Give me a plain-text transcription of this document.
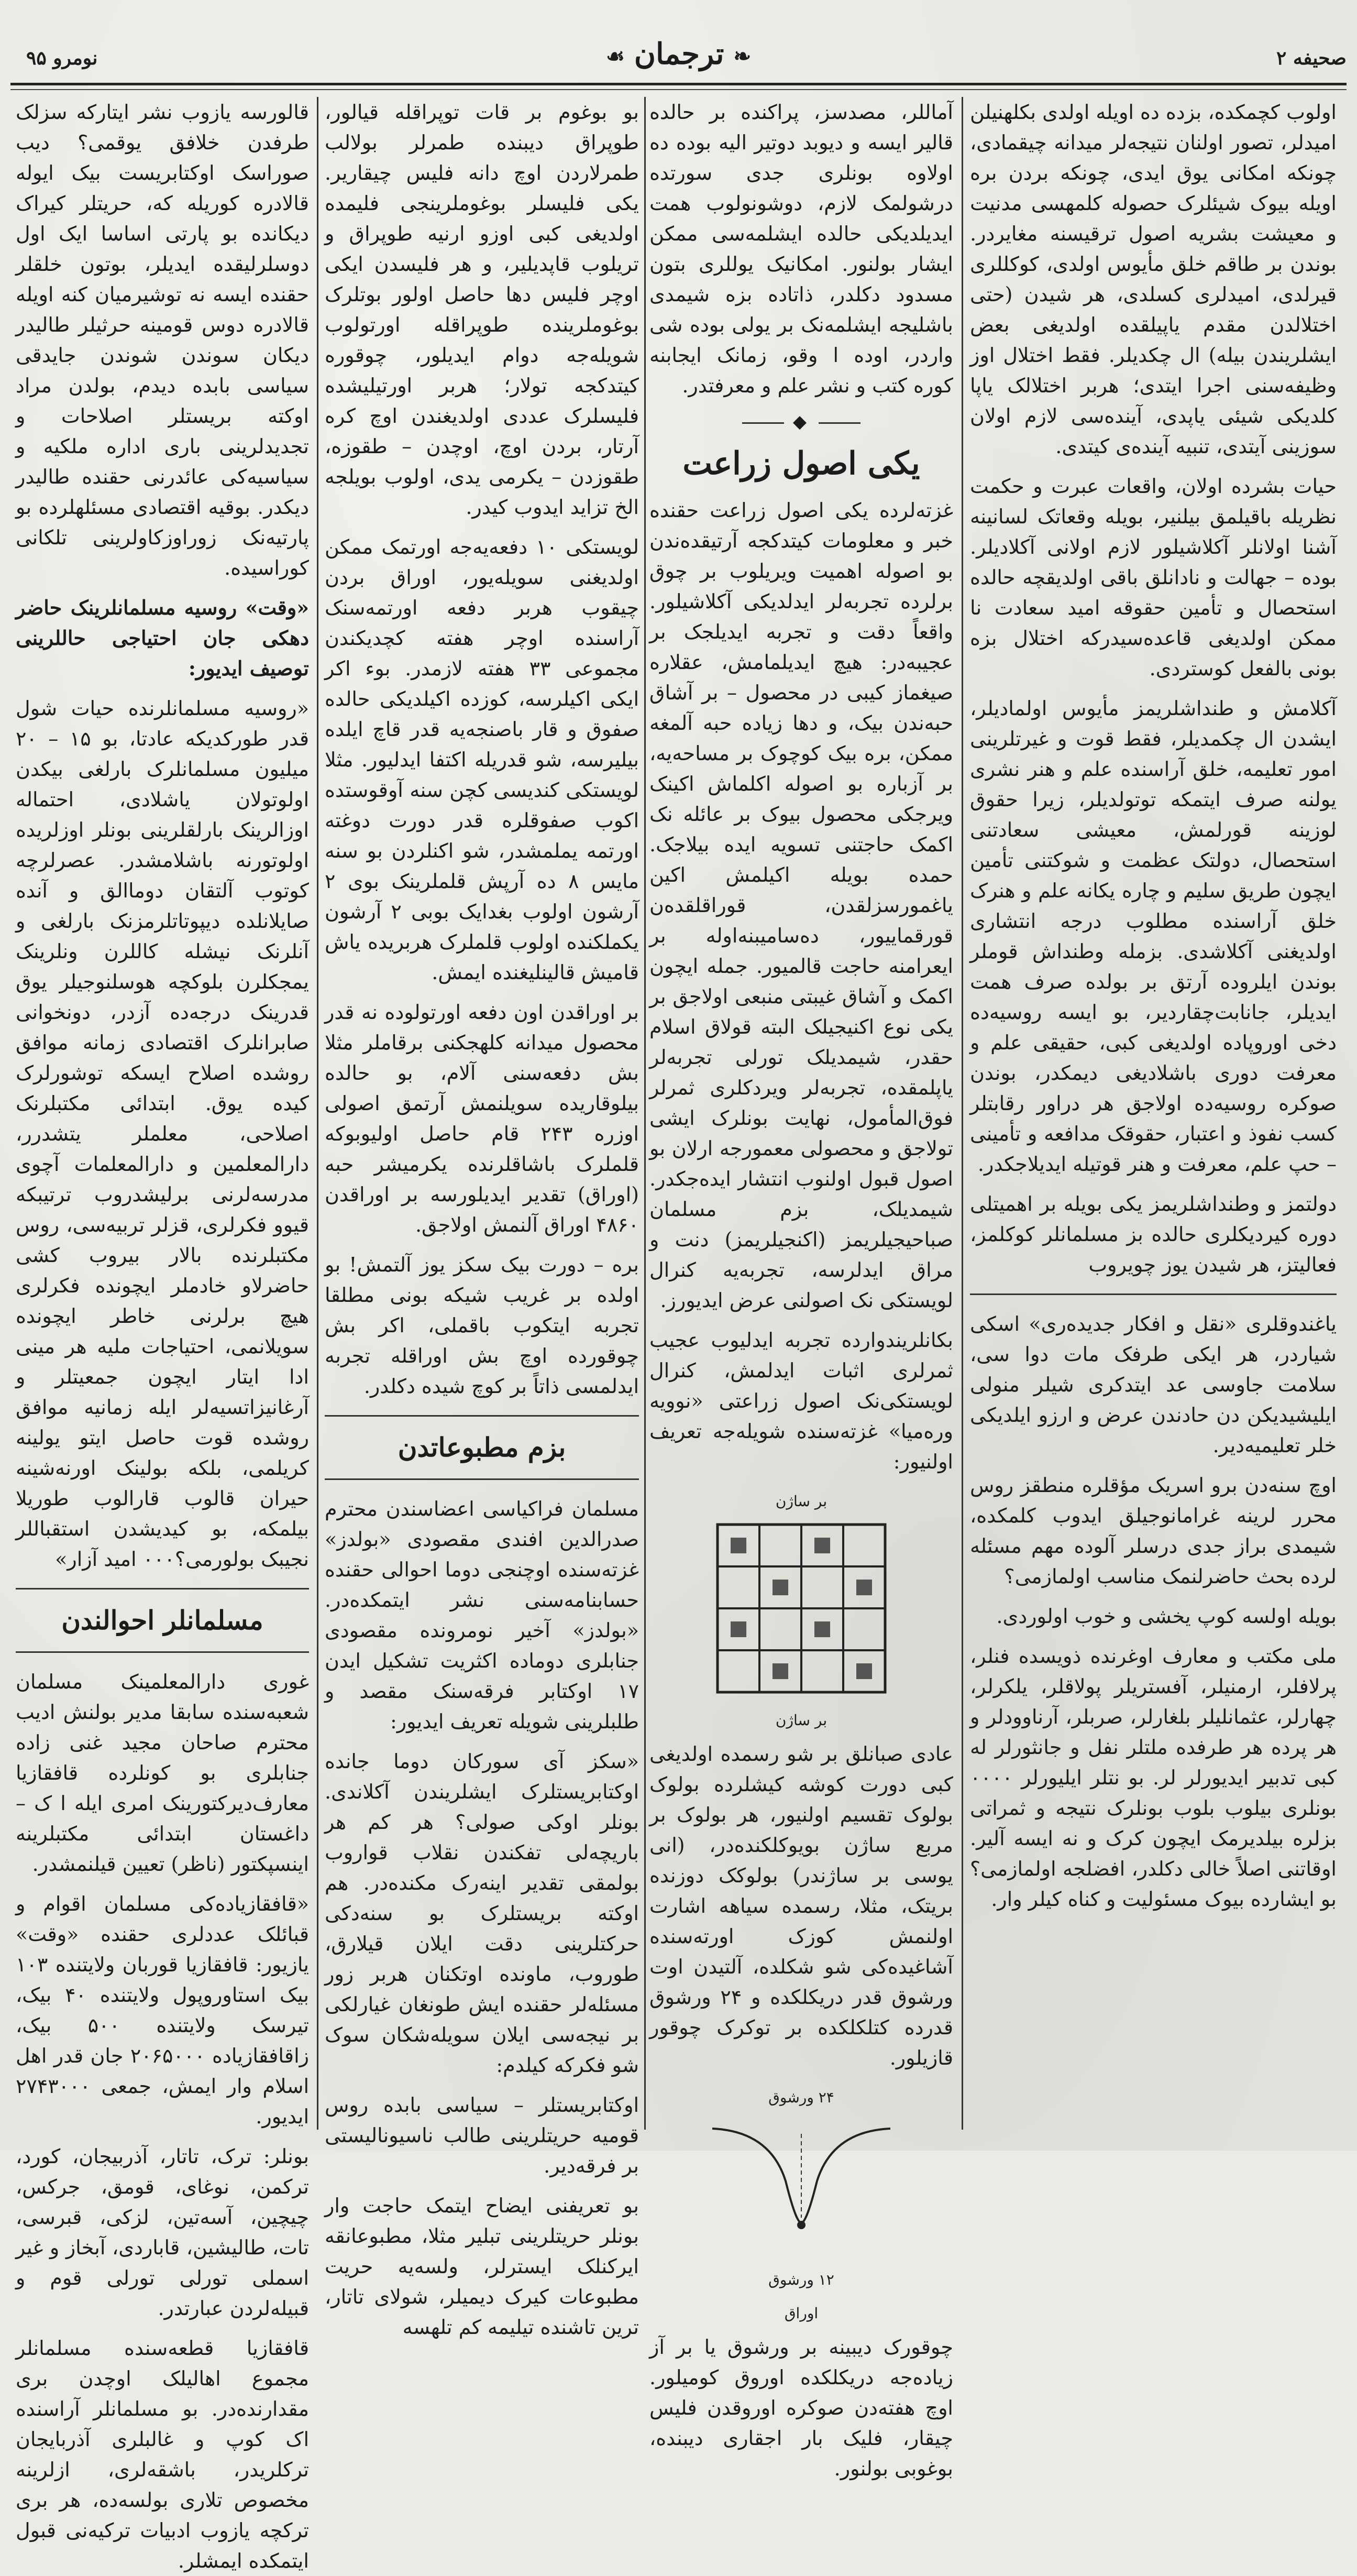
صحیفه ۲
❧ترجمان☙
نومرو ۹۵

اولوب کچمکده، بزده ده اویله اولدی بکلهنیلن امیدلر، تصور اولنان نتیجه‌لر میدانه چیقمادی، چونکه امکانی یوق ایدی، چونکه بردن بره اویله بیوک شیئلرک حصوله کلمهسی مدنیت و معیشت بشریه اصول ترقیسنه مغایردر. بوندن بر طاقم خلق مأیوس اولدی، کوکللری قیرلدی، امیدلری کسلدی، هر شیدن (حتی اختلالدن مقدم یاپیلقده اولدیغی بعض ایشلریندن بیله) ال چکدیلر. فقط اختلال اوز وظیفه‌سنی اجرا ایتدی؛ هربر اختلالک یاپا کلدیکی شیئی یاپدی، آینده‌سی لازم اولان سوزینی آیتدی، تنبیه آینده‌ی کیتدی.

حیات بشرده اولان، واقعات عبرت و حکمت نظریله باقیلمق بیلنیر، بویله وقعاتک لسانینه آشنا اولانلر آکلاشیلور لازم اولانی آکلادیلر. بوده – جهالت و نادانلق باقی اولدیقچه حالده استحصال و تأمین حقوقه امید سعادت نا ممکن اولدیغی قاعده‌سیدرکه اختلال بزه بونی بالفعل کوستردی.

آکلامش و طنداشلریمز مأیوس اولمادیلر، ایشدن ال چکمدیلر، فقط قوت و غیرتلرینی امور تعلیمه، خلق آراسنده علم و هنر نشری یولنه صرف ایتمکه توتولدیلر، زیرا حقوق لوزینه قورلمش، معیشی سعادتنی استحصال، دولتک عظمت و شوکتنی تأمین ایچون طریق سلیم و چاره یکانه علم و هنرک خلق آراسنده مطلوب درجه انتشاری اولدیغنی آکلاشدی. بزمله وطنداش قوملر بوندن ایلروده آرتق بر بولده صرف همت ایدیلر، جانابت‌چقاردیر، بو ایسه روسیه‌ده دخی اوروپاده اولدیغی کبی، حقیقی علم و معرفت دوری باشلادیغی دیمکدر، بوندن صوکره روسیه‌ده اولاجق هر دراور رقابتلر کسب نفوذ و اعتبار، حقوقک مدافعه و تأمینی – حپ علم، معرفت و هنر قوتیله ایدیلاجکدر.

دولتمز و وطنداشلریمز یکی بویله بر اهمیتلی دوره کیردیکلری حالده بز مسلمانلر کوکلمز، فعالیتز، هر شیدن یوز چویروب

یاغندوقلری «نقل و افکار جدیده‌ری» اسکی شیاردر، هر ایکی طرفک مات دوا سی، سلامت جاوسی عد ایتدکری شیلر منولی ایلیشیدیکن دن حادندن عرض و ارزو ایلدیکی خلر تعلیمیه‌دیر.

اوچ سنه‌دن برو اسریک مؤقلره منطقز روس محرر لرینه غرامانوجیلق ایدوب کلمکده، شیمدی براز جدی درسلر آلوده مهم مسئله لرده بحث حاضرلنمک مناسب اولمازمی؟

بویله اولسه کوپ یخشی و خوب اولوردی.

ملی مکتب و معارف اوغرنده ذویسده فنلر، پرلافلر، ارمنیلر، آفستریلر پولاقلر، یلکرلر، چهارلر، عثمانلیلر بلغارلر، صربلر، آرناوودلر و هر پرده هر طرفده ملتلر نفل و جانثورلر له کبی تدبیر ایدیورلر لر. بو نتلر ایلیورلر ۰۰۰۰ بونلری بیلوب بلوب بونلرک نتیجه و ثمراتی بزلره بیلدیرمک ایچون کرک و نه ایسه آلیر. اوقاتنی اصلاً خالی دکلدر، افضلجه اولمازمی؟ بو ایشارده بیوک مسئولیت و کناه کیلر وار.

آماللر، مصدسز، پراکنده بر حالده قالیر ایسه و دیوبد دوتیر الیه بوده ده اولاوه بونلری جدی سورتده درشولمک لازم، دوشونولوب همت ایدیلدیکی حالده ایشلمه‌سی ممکن ایشار بولنور. امکانیک یوللری بتون مسدود دکلدر، ذاتاده بزه شیمدی باشلیجه ایشلمه‌نک بر یولی بوده شی واردر، اوده ا وقو، زمانک ایجابنه کوره کتب و نشر علم و معرفتدر.

◆
یکی اصول زراعت

غزته‌لرده یکی اصول زراعت حقنده خبر و معلومات کیتدکجه آرتیقده‌ندن بو اصوله اهمیت ویریلوب بر چوق برلرده تجربه‌لر ایدلدیکی آکلاشیلور. واقعاً دقت و تجربه ایدیلجک بر عجیبه‌در: هیچ ایدیلمامش، عقلاره صیغماز کیبی در محصول – بر آشاق حبه‌ندن بیک، و دها زیاده حبه آلمغه ممکن، بره بیک کوچوک بر مساحه‌یه، بر آزباره بو اصوله اکلماش اکینک ویرجکی محصول بیوک بر عائله نک اکمک حاجتنی تسویه ایده بیلاجک. حمده بویله اکیلمش اکین یاغمورسزلقدن، قوراقلقده‌ن قورقماییور، ده‌سامیبنه‌اوله بر ایعرامنه حاجت قالمیور. جمله ایچون اکمک و آشاق غیبتی منبعی اولاجق بر یکی نوع اکنیجیلک البته قولاق اسلام حقدر، شیمدیلک تورلی تجربه‌لر یاپلمقده، تجربه‌لر ویردکلری ثمرلر فوق‌المأمول، نهایت بونلرک ایشی تولاجق و محصولی معمورجه ارلان بو اصول قبول اولنوب انتشار ایده‌جکدر. شیمدیلک، بزم مسلمان صباحیجیلریمز (اکنجیلریمز) دنت و مراق ایدلرسه، تجربه‌یه کنرال لویستکی نک اصولنی عرض ایدیورز.

بکانلریندوارده تجربه ایدلیوب عجیب ثمرلری اثبات ایدلمش، کنرال لویستکی‌نک اصول زراعتی «نوویه وره‌میا» غزته‌سنده شویله‌جه تعریف اولنیور:

بر ساژن
بر ساژن

عادی صبانلق بر شو رسمده اولدیغی کبی دورت کوشه کیشلرده بولوک بولوک تقسیم اولنیور، هر بولوک بر مربع ساژن بویوکلکنده‌در، (انی یوسی بر ساژندر) بولوکک دوزنده بریتک، مثلا، رسمده سیاهه اشارت اولنمش کوزک اورته‌سنده آشاغیده‌کی شو شکلده، آلتیدن اوت ورشوق قدر دریکلکده و ۲۴ ورشوق قدرده کتلکلکده بر توکرک چوقور قازیلور.

۲۴ ورشوق
۱۲ ورشوق
اوراق

چوقورک دیبینه بر ورشوق یا بر آز زیاده‌جه دریکلکده اوروق کومیلور. اوچ هفته‌دن صوکره اوروقدن فلیس چیقار، فلیک بار اجقاری دیبنده، بوغوبی بولنور.

بو بوغوم بر قات توپراقله قیالور، طوپراق دیبنده طمرلر بولالب طمرلاردن اوچ دانه فلیس چیقاریر. یکی فلیسلر بوغوملرینجی فلیمده اولدیغی کبی اوزو ارنیه طوپراق و تریلوب قاپدیلیر، و هر فلیسدن ایکی اوچر فلیس دها حاصل اولور بوتلرک بوغوملرینده طوپراقله اورتولوب شویله‌جه دوام ایدیلور، چوقوره کیتدکجه تولار؛ هربر اورتیلیشده فلیسلرک عددی اولدیغندن اوچ کره آرتار، بردن اوچ، اوچدن – طقوزه، طقوزدن – یکرمی یدی، اولوب بویلجه الخ تزاید ایدوب کیدر.

لویستکی ۱۰ دفعه‌یه‌جه اورتمک ممکن اولدیغنی سویله‌یور، اوراق بردن چیقوب هربر دفعه اورتمه‌سنک آراسنده اوچر هفته کچدیکندن مجموعی ۳۳ هفته لازمدر. بوء اکر ایکی اکیلرسه، کوزده اکیلدیکی حالده صفوق و قار باصنجه‌یه قدر قاچ ایلده بیلیرسه، شو قدریله اکتفا ایدلیور. مثلا لویستکی کندیسی کچن سنه آوقوستده اکوب صفوقلره قدر دورت دوغته اورتمه یملمشدر، شو اکنلردن بو سنه مایس ۸ ده آرپش قلملرینک بوی ۲ آرشون اولوب بغدایک بوبی ۲ آرشون یکملکنده اولوب قلملرک هربریده یاش قامیش قالینلیغنده ایمش.

بر اوراقدن اون دفعه اورتولوده نه قدر محصول میدانه کلهجکنی برقاملر مثلا بش دفعه‌سنی آلام، بو حالده بیلوقاریده سویلنمش آرتمق اصولی اوزره ۲۴۳ قام حاصل اولیوبوکه قلملرک باشاقلرنده یکرمیشر حبه (اوراق) تقدیر ایدیلورسه بر اوراقدن ۴۸۶۰ اوراق آلنمش اولاجق.

بره – دورت بیک سکز یوز آلتمش! بو اولده بر غریب شیکه بونی مطلقا تجربه ایتکوب باقملی، اکر بش چوقورده اوچ بش اوراقله تجربه ایدلمسی ذاتاً بر کوچ شیده دکلدر.

بزم مطبوعاتدن

مسلمان فراکیاسی اعضاسندن محترم صدرالدین افندی مقصودی «بولدز» غزته‌سنده اوچنجی دوما احوالی حقنده حسابنامه‌سنی نشر ایتمکده‌در. «بولدز» آخیر نومرونده مقصودی جنابلری دوماده اکثریت تشکیل ایدن ۱۷ اوکتابر فرقه‌سنک مقصد و طلبلرینی شویله تعریف ایدیور:

«سکز آی سورکان دوما جانده اوکتابریستلرک ایشلریندن آکلاندی. بونلر اوکی صولی؟ هر کم هر باریچه‌لی تفکندن نقلاب قواروب بولمقی تقدیر اینه‌رک مکنده‌در. هم اوکته بریستلرک بو سنه‌دکی حرکتلرینی دقت ایلان قیلارق، طوروب، ماونده اوتکنان هربر زور مسئله‌لر حقنده ایش طونغان غیارلکی بر نیجه‌سی ایلان سویله‌شکان سوک شو فکرکه کیلدم:

اوکتابریستلر – سیاسی بابده روس قومیه حریتلرینی طالب ناسیونالیستی بر فرقه‌دیر.

بو تعریفنی ایضاح ایتمک حاجت وار بونلر حریتلرینی تبلیر مثلا، مطبوعانقه ایرکنلک ایسترلر، ولسه‌یه حریت مطبوعات کیرک دیمیلر، شولای تاتار، ترین تاشنده تیلیمه کم تلهسه

قالورسه یازوب نشر ایتارکه سزلک طرفدن خلافق یوقمی؟ دیب صوراسک اوکتابریست بیک ایوله قالادره کوریله که، حریتلر کیراک دیکانده بو پارتی اساسا ایک اول دوسلرلیقده ایدیلر، بوتون خلقلر حقنده ایسه نه توشیرمیان کنه اویله قالادره دوس قومینه حرثیلر طالیدر دیکان سوندن شوندن جایدقی سیاسی بابده دیدم، بولدن مراد اوکته بریستلر اصلاحات و تجدیدلرینی باری اداره ملکیه و سیاسیه‌کی عائدرنی حقنده طالیدر دیکدر. بوقیه اقتصادی مسئلهلرده بو پارتیه‌نک زوراوزکاولرینی تلکانی کوراسیده.

«وقت» روسیه مسلمانلرینک حاضر دهکی جان احتیاجی حاللرینی توصیف ایدیور:

«روسیه مسلمانلرنده حیات شول قدر طورکدیکه عادتا، بو ۱۵ – ۲۰ میلیون مسلمانلرک بارلغی بیکدن اولوتولان یاشلادی، احتماله اوزالرینک بارلقلرینی بونلر اوزلریده اولوتورنه باشلامشدر. عصرلرچه کوتوب آلتقان دوماالق و آنده صایلانلده دیپوتاتلرمزنک بارلغی و آنلرنک نیشله کاللرن ونلرینک یمجکلرن بلوکچه هوسلنوجیلر یوق قدرینک درجه‌ده آزدر، دونخوانی صابرانلرک اقتصادی زمانه موافق روشده اصلاح ایسکه توشورلرک کیده یوق. ابتدائی مکتبلرنک اصلاحی، معلملر یتشدرر، دارالمعلمین و دارالمعلمات آچوی مدرسه‌لرنی برلیشدروب ترتیبکه قیوو فکرلری، قزلر تربیه‌سی، روس مکتبلرنده بالار بیروب کشی حاضرلاو خادملر ایچونده فکرلری هیچ برلرنی خاطر ایچونده سویلانمی، احتیاجات ملیه هر مینی ادا ایتار ایچون جمعیتلر و آرغانیزاتسیه‌لر ایله زمانیه موافق روشده قوت حاصل ایتو یولینه کریلمی، بلکه بولینک اورنه‌شینه حیران قالوب قارالوب طوریلا بیلمکه، بو کیدیشدن استقباللر نجیبک بولورمی؟۰۰۰ امید آزار»

مسلمانلر احوالندن

غوری دارالمعلمینک مسلمان شعبه‌سنده سابقا مدیر بولنش ادیب محترم صاحان مجید غنی زاده جنابلری بو کونلرده قافقازیا معارف‌دیرکتورینک امری ایله ا ک – داغستان ابتدائی مکتبلرینه اینسپکتور (ناظر) تعیین قیلنمشدر.

«قافقازیاده‌کی مسلمان اقوام و قبائلک عددلری حقنده «وقت» یازیور: قافقازیا قوربان ولایتنده ۱۰۳ بیک استاوروپول ولایتنده ۴۰ بیک، تیرسک ولایتنده ۵۰۰ بیک، زاقافقازیاده ۲۰۶۵۰۰۰ جان قدر اهل اسلام وار ایمش، جمعی ۲۷۴۳۰۰۰ ایدیور.

بونلر: ترک، تاتار، آذربیجان، کورد، ترکمن، نوغای، قومق، جرکس، چیچین، آسه‌تین، لزکی، قبرسی، تات، طالیشین، قاباردی، آبخاز و غیر اسملی تورلی تورلی قوم و قبیله‌لردن عبارتدر.

قافقازیا قطعه‌سنده مسلمانلر مجموع اهالیلک اوچدن بری مقدارنده‌در. بو مسلمانلر آراسنده اک کوپ و غالبلری آذربایجان ترکلریدر، باشقه‌لری، ازلرینه مخصوص تلاری بولسه‌ده، هر بری ترکچه یازوب ادبیات ترکیه‌نی قبول ایتمکده ایمشلر.
